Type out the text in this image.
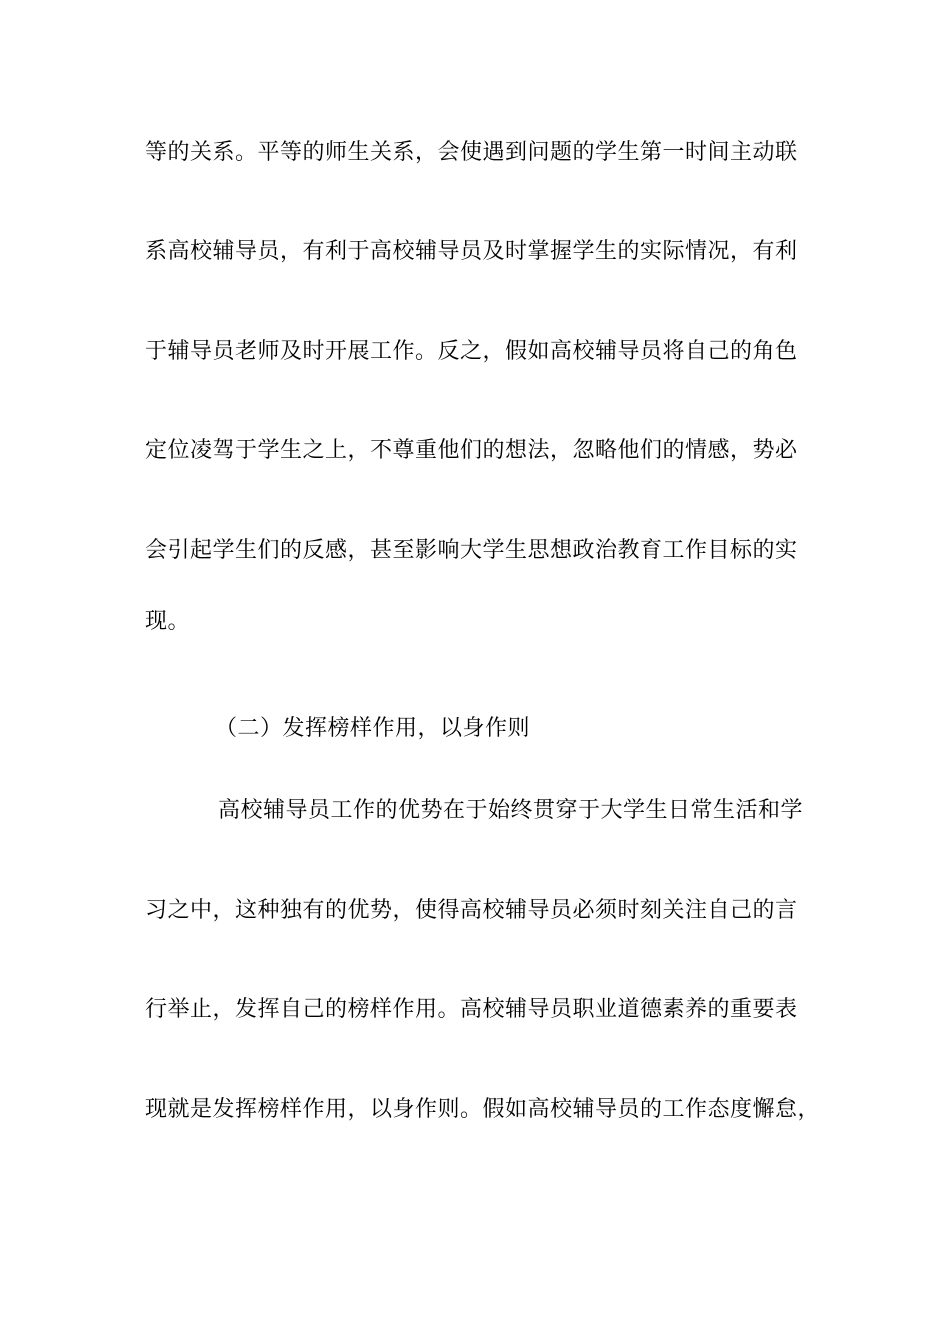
等的关系。平等的师生关系，会使遇到问题的学生第一时间主动联
系高校辅导员，有利于高校辅导员及时掌握学生的实际情况，有利
于辅导员老师及时开展工作。反之，假如高校辅导员将自己的角色
定位凌驾于学生之上，不尊重他们的想法，忽略他们的情感，势必
会引起学生们的反感，甚至影响大学生思想政治教育工作目标的实
现。
（二）发挥榜样作用，以身作则
高校辅导员工作的优势在于始终贯穿于大学生日常生活和学
习之中，这种独有的优势，使得高校辅导员必须时刻关注自己的言
行举止，发挥自己的榜样作用。高校辅导员职业道德素养的重要表
现就是发挥榜样作用，以身作则。假如高校辅导员的工作态度懈怠，
